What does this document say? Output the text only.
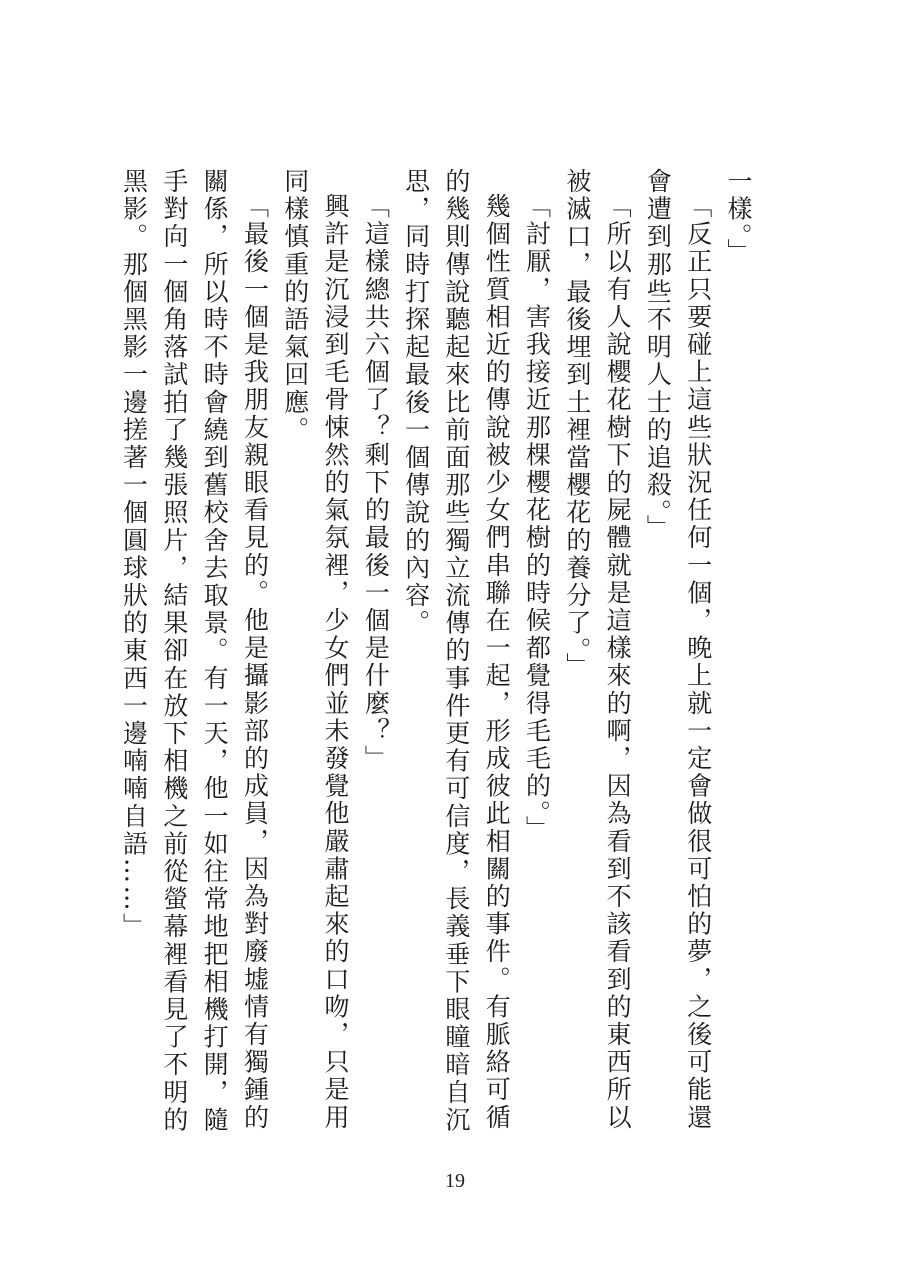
一樣。」

「反正只要碰上這些狀況任何一個，晚上就一定會做很可怕的夢，之後可能還會遭到那些不明人士的追殺。」

「所以有人說櫻花樹下的屍體就是這樣來的啊，因為看到不該看到的東西所以被滅口，最後埋到土裡當櫻花的養分了。」

「討厭，害我接近那棵櫻花樹的時候都覺得毛毛的。」

幾個性質相近的傳說被少女們串聯在一起，形成彼此相關的事件。有脈絡可循的幾則傳說聽起來比前面那些獨立流傳的事件更有可信度，長義垂下眼瞳暗自沉思，同時打探起最後一個傳說的內容。

「這樣總共六個了？剩下的最後一個是什麼？」

興許是沉浸到毛骨悚然的氣氛裡，少女們並未發覺他嚴肅起來的口吻，只是用同樣慎重的語氣回應。

「最後一個是我朋友親眼看見的。他是攝影部的成員，因為對廢墟情有獨鍾的關係，所以時不時會繞到舊校舍去取景。有一天，他一如往常地把相機打開，隨手對向一個角落試拍了幾張照片，結果卻在放下相機之前從螢幕裡看見了不明的黑影。那個黑影一邊搓著一個圓球狀的東西一邊喃喃自語……」

19
